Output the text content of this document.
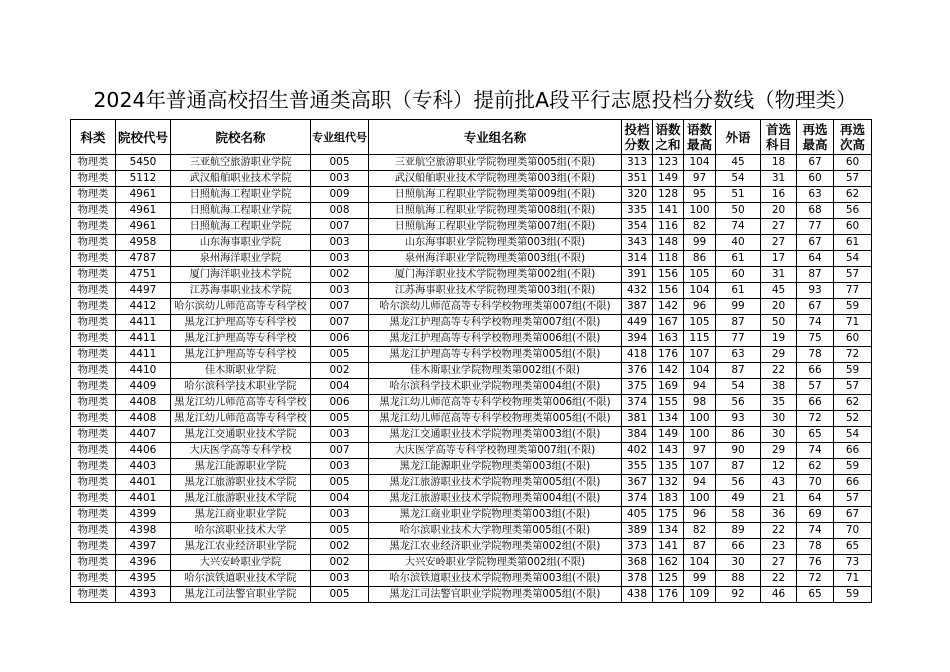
2024年普通高校招生普通类高职（专科）提前批A段平行志愿投档分数线（物理类）
科类	院校代号	院校名称	专业组代号	专业组名称	投档分数	语数之和	语数最高	外语	首选科目	再选最高	再选次高
物理类	5450	三亚航空旅游职业学院	005	三亚航空旅游职业学院物理类第005组(不限)	313	123	104	45	18	67	60
物理类	5112	武汉船舶职业技术学院	003	武汉船舶职业技术学院物理类第003组(不限)	351	149	97	54	31	60	57
物理类	4961	日照航海工程职业学院	009	日照航海工程职业学院物理类第009组(不限)	320	128	95	51	16	63	62
物理类	4961	日照航海工程职业学院	008	日照航海工程职业学院物理类第008组(不限)	335	141	100	50	20	68	56
物理类	4961	日照航海工程职业学院	007	日照航海工程职业学院物理类第007组(不限)	354	116	82	74	27	77	60
物理类	4958	山东海事职业学院	003	山东海事职业学院物理类第003组(不限)	343	148	99	40	27	67	61
物理类	4787	泉州海洋职业学院	003	泉州海洋职业学院物理类第003组(不限)	314	118	86	61	17	64	54
物理类	4751	厦门海洋职业技术学院	002	厦门海洋职业技术学院物理类第002组(不限)	391	156	105	60	31	87	57
物理类	4497	江苏海事职业技术学院	003	江苏海事职业技术学院物理类第003组(不限)	432	156	104	61	45	93	77
物理类	4412	哈尔滨幼儿师范高等专科学校	007	哈尔滨幼儿师范高等专科学校物理类第007组(不限)	387	142	96	99	20	67	59
物理类	4411	黑龙江护理高等专科学校	007	黑龙江护理高等专科学校物理类第007组(不限)	449	167	105	87	50	74	71
物理类	4411	黑龙江护理高等专科学校	006	黑龙江护理高等专科学校物理类第006组(不限)	394	163	115	77	19	75	60
物理类	4411	黑龙江护理高等专科学校	005	黑龙江护理高等专科学校物理类第005组(不限)	418	176	107	63	29	78	72
物理类	4410	佳木斯职业学院	002	佳木斯职业学院物理类第002组(不限)	376	142	104	87	22	66	59
物理类	4409	哈尔滨科学技术职业学院	004	哈尔滨科学技术职业学院物理类第004组(不限)	375	169	94	54	38	57	57
物理类	4408	黑龙江幼儿师范高等专科学校	006	黑龙江幼儿师范高等专科学校物理类第006组(不限)	374	155	98	56	35	66	62
物理类	4408	黑龙江幼儿师范高等专科学校	005	黑龙江幼儿师范高等专科学校物理类第005组(不限)	381	134	100	93	30	72	52
物理类	4407	黑龙江交通职业技术学院	003	黑龙江交通职业技术学院物理类第003组(不限)	384	149	100	86	30	65	54
物理类	4406	大庆医学高等专科学校	007	大庆医学高等专科学校物理类第007组(不限)	402	143	97	90	29	74	66
物理类	4403	黑龙江能源职业学院	003	黑龙江能源职业学院物理类第003组(不限)	355	135	107	87	12	62	59
物理类	4401	黑龙江旅游职业技术学院	005	黑龙江旅游职业技术学院物理类第005组(不限)	367	132	94	56	43	70	66
物理类	4401	黑龙江旅游职业技术学院	004	黑龙江旅游职业技术学院物理类第004组(不限)	374	183	100	49	21	64	57
物理类	4399	黑龙江商业职业学院	003	黑龙江商业职业学院物理类第003组(不限)	405	175	96	58	36	69	67
物理类	4398	哈尔滨职业技术大学	005	哈尔滨职业技术大学物理类第005组(不限)	389	134	82	89	22	74	70
物理类	4397	黑龙江农业经济职业学院	002	黑龙江农业经济职业学院物理类第002组(不限)	373	141	87	66	23	78	65
物理类	4396	大兴安岭职业学院	002	大兴安岭职业学院物理类第002组(不限)	368	162	104	30	27	76	73
物理类	4395	哈尔滨铁道职业技术学院	003	哈尔滨铁道职业技术学院物理类第003组(不限)	378	125	99	88	22	72	71
物理类	4393	黑龙江司法警官职业学院	005	黑龙江司法警官职业学院物理类第005组(不限)	438	176	109	92	46	65	59
